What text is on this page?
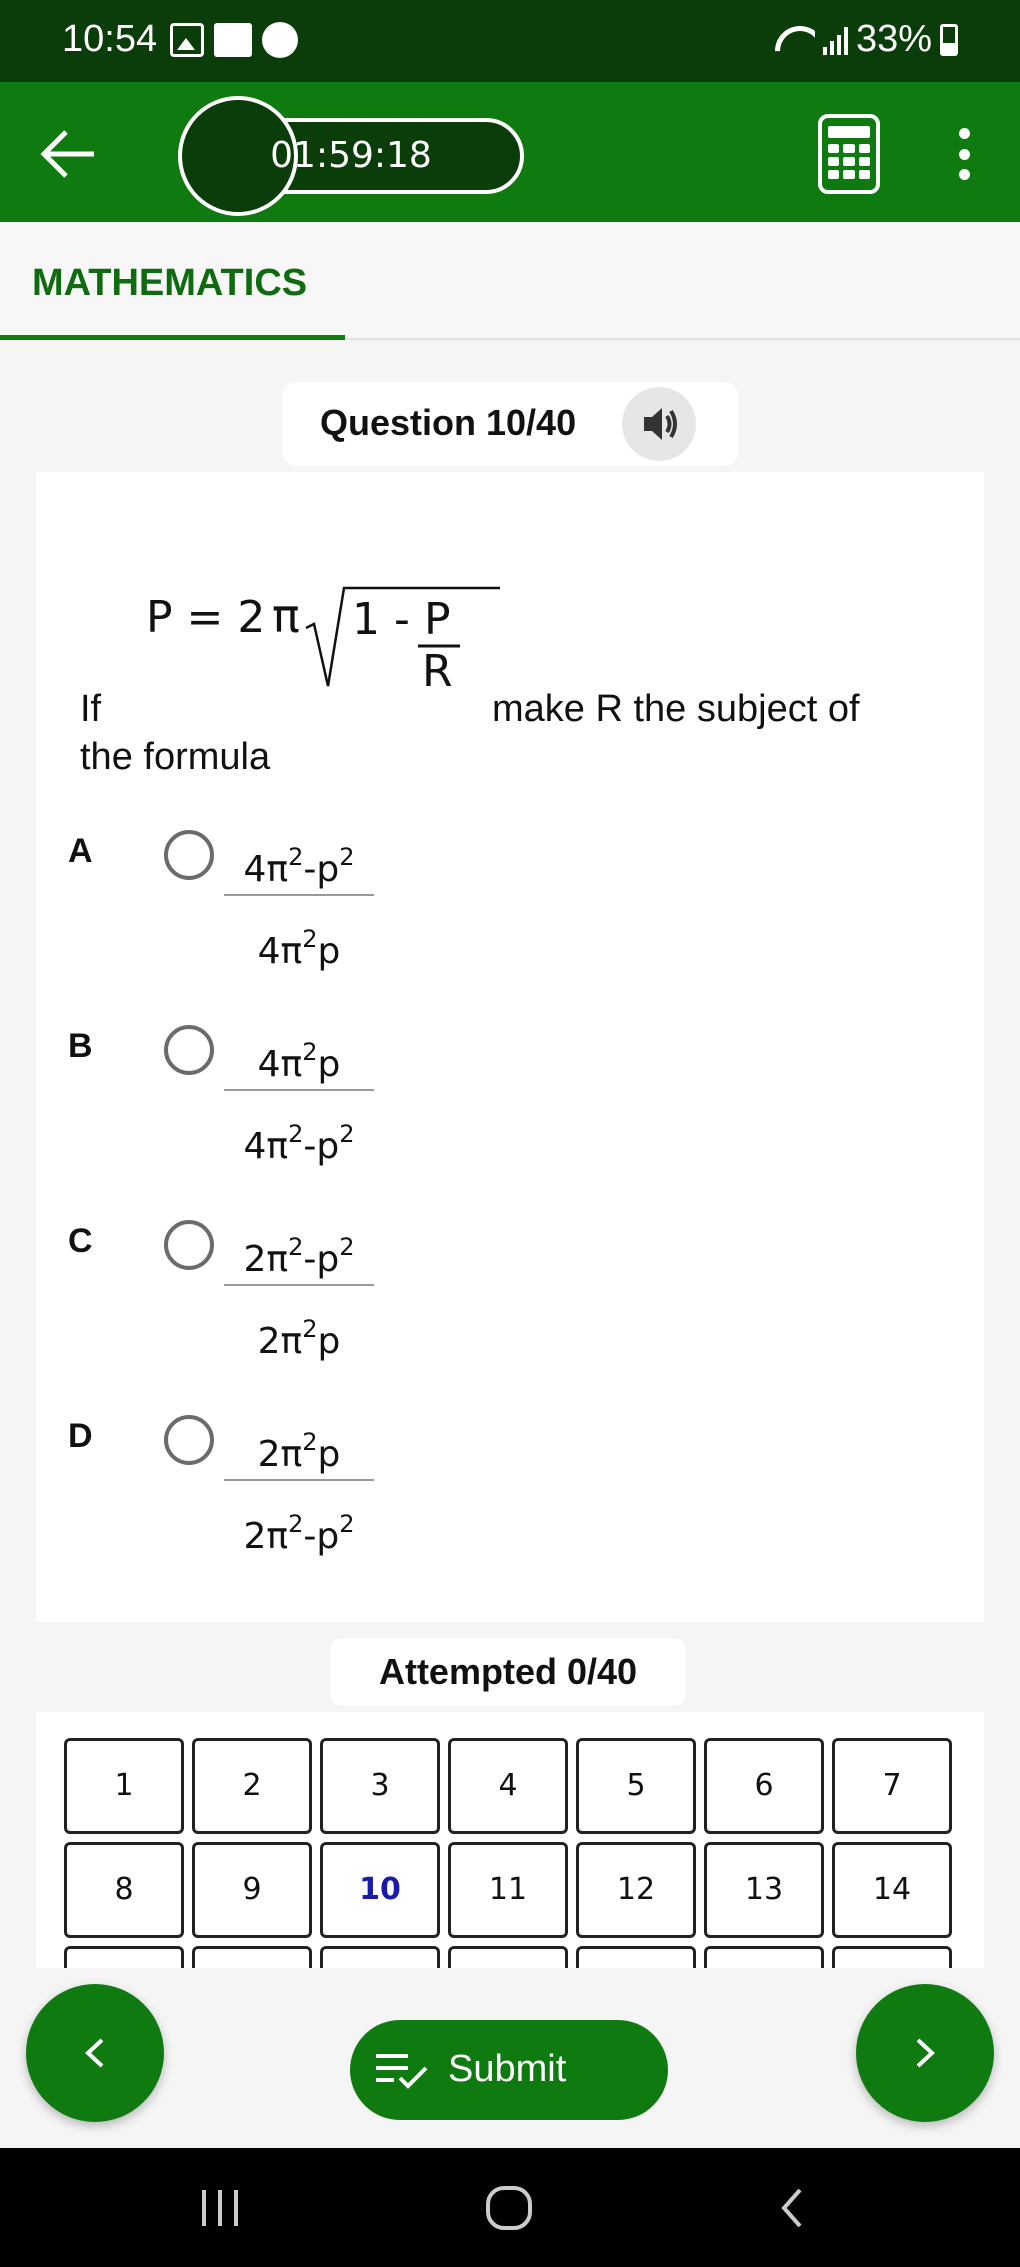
10:54	33%
01:59:18
MATHEMATICS
Question 10/40
P = 2 π 1 - P
R
If	make R the subject of
the formula
A	$4\pi^2-p^2$
$4\pi^2p$
B	$4\pi^2p$
$4\pi^2-p^2$
C	$2\pi^2-p^2$
$2\pi^2p$
D	$2\pi^2p$
$2\pi^2-p^2$
Attempted 0/40
1	2	3	4	5	6	7
8	9	10	11	12	13	14
Submit
